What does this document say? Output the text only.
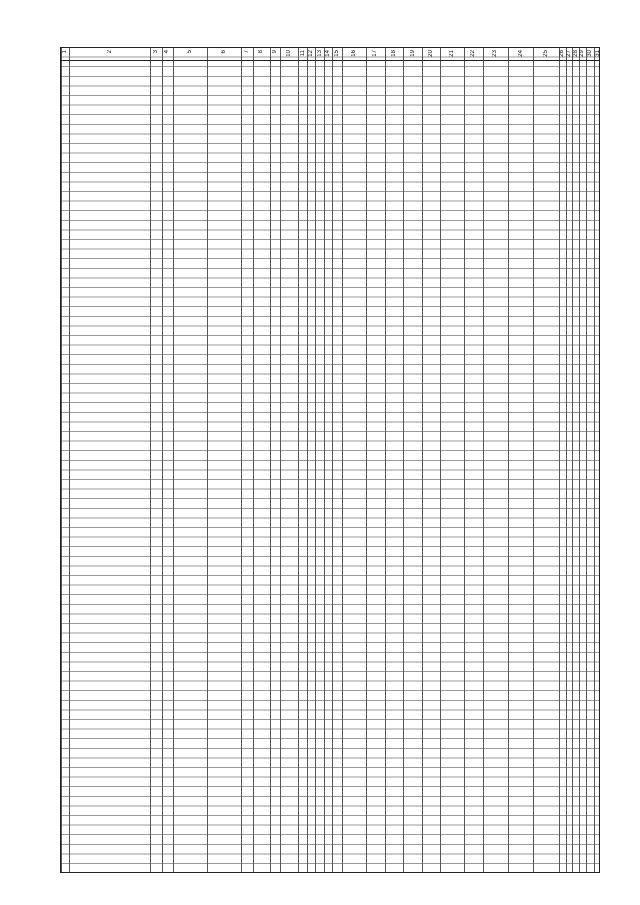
1	2	3 4	5	6	7 8 9 10 11 12 13 14 15 16	17 18 19 20	21	22	23	24	25 26 27 28 29 30 31
